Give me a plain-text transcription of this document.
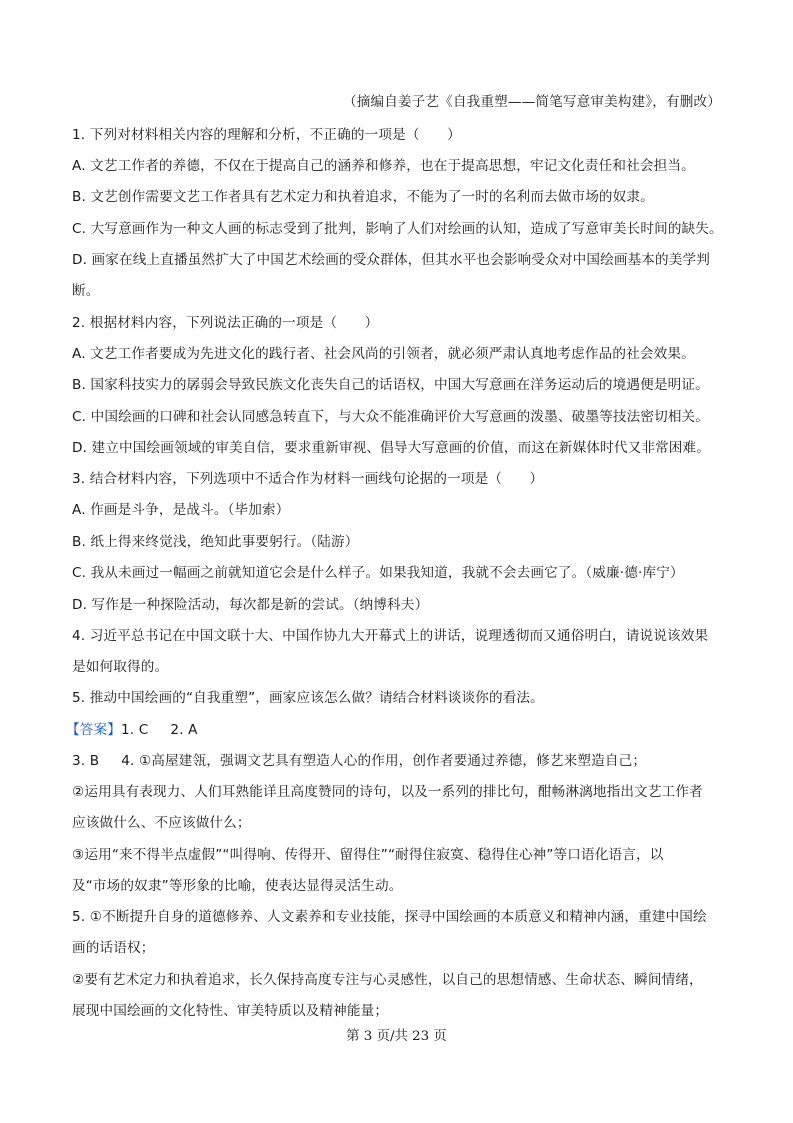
（摘编自姜子艺《自我重塑——简笔写意审美构建》，有删改）
1. 下列对材料相关内容的理解和分析，不正确的一项是（　　）
A. 文艺工作者的养德，不仅在于提高自己的涵养和修养，也在于提高思想，牢记文化责任和社会担当。
B. 文艺创作需要文艺工作者具有艺术定力和执着追求，不能为了一时的名利而去做市场的奴隶。
C. 大写意画作为一种文人画的标志受到了批判，影响了人们对绘画的认知，造成了写意审美长时间的缺失。
D. 画家在线上直播虽然扩大了中国艺术绘画的受众群体，但其水平也会影响受众对中国绘画基本的美学判
断。
2. 根据材料内容，下列说法正确的一项是（　　）
A. 文艺工作者要成为先进文化的践行者、社会风尚的引领者，就必须严肃认真地考虑作品的社会效果。
B. 国家科技实力的孱弱会导致民族文化丧失自己的话语权，中国大写意画在洋务运动后的境遇便是明证。
C. 中国绘画的口碑和社会认同感急转直下，与大众不能准确评价大写意画的泼墨、破墨等技法密切相关。
D. 建立中国绘画领域的审美自信，要求重新审视、倡导大写意画的价值，而这在新媒体时代又非常困难。
3. 结合材料内容，下列选项中不适合作为材料一画线句论据的一项是（　　）
A. 作画是斗争，是战斗。（毕加索）
B. 纸上得来终觉浅，绝知此事要躬行。（陆游）
C. 我从未画过一幅画之前就知道它会是什么样子。如果我知道，我就不会去画它了。（威廉·德·库宁）
D. 写作是一种探险活动，每次都是新的尝试。（纳博科夫）
4. 习近平总书记在中国文联十大、中国作协九大开幕式上的讲话，说理透彻而又通俗明白，请说说该效果
是如何取得的。
5. 推动中国绘画的“自我重塑”，画家应该怎么做？请结合材料谈谈你的看法。
【答案】1. C 2. A
3. B 4. ①高屋建瓴，强调文艺具有塑造人心的作用，创作者要通过养德，修艺来塑造自己；
②运用具有表现力、人们耳熟能详且高度赞同的诗句，以及一系列的排比句，酣畅淋漓地指出文艺工作者
应该做什么、不应该做什么；
③运用“来不得半点虚假”“叫得响、传得开、留得住”“耐得住寂寞、稳得住心神”等口语化语言，以
及“市场的奴隶”等形象的比喻，使表达显得灵活生动。
5. ①不断提升自身的道德修养、人文素养和专业技能，探寻中国绘画的本质意义和精神内涵，重建中国绘
画的话语权；
②要有艺术定力和执着追求，长久保持高度专注与心灵感性，以自己的思想情感、生命状态、瞬间情绪，
展现中国绘画的文化特性、审美特质以及精神能量；
第 3 页/共 23 页
